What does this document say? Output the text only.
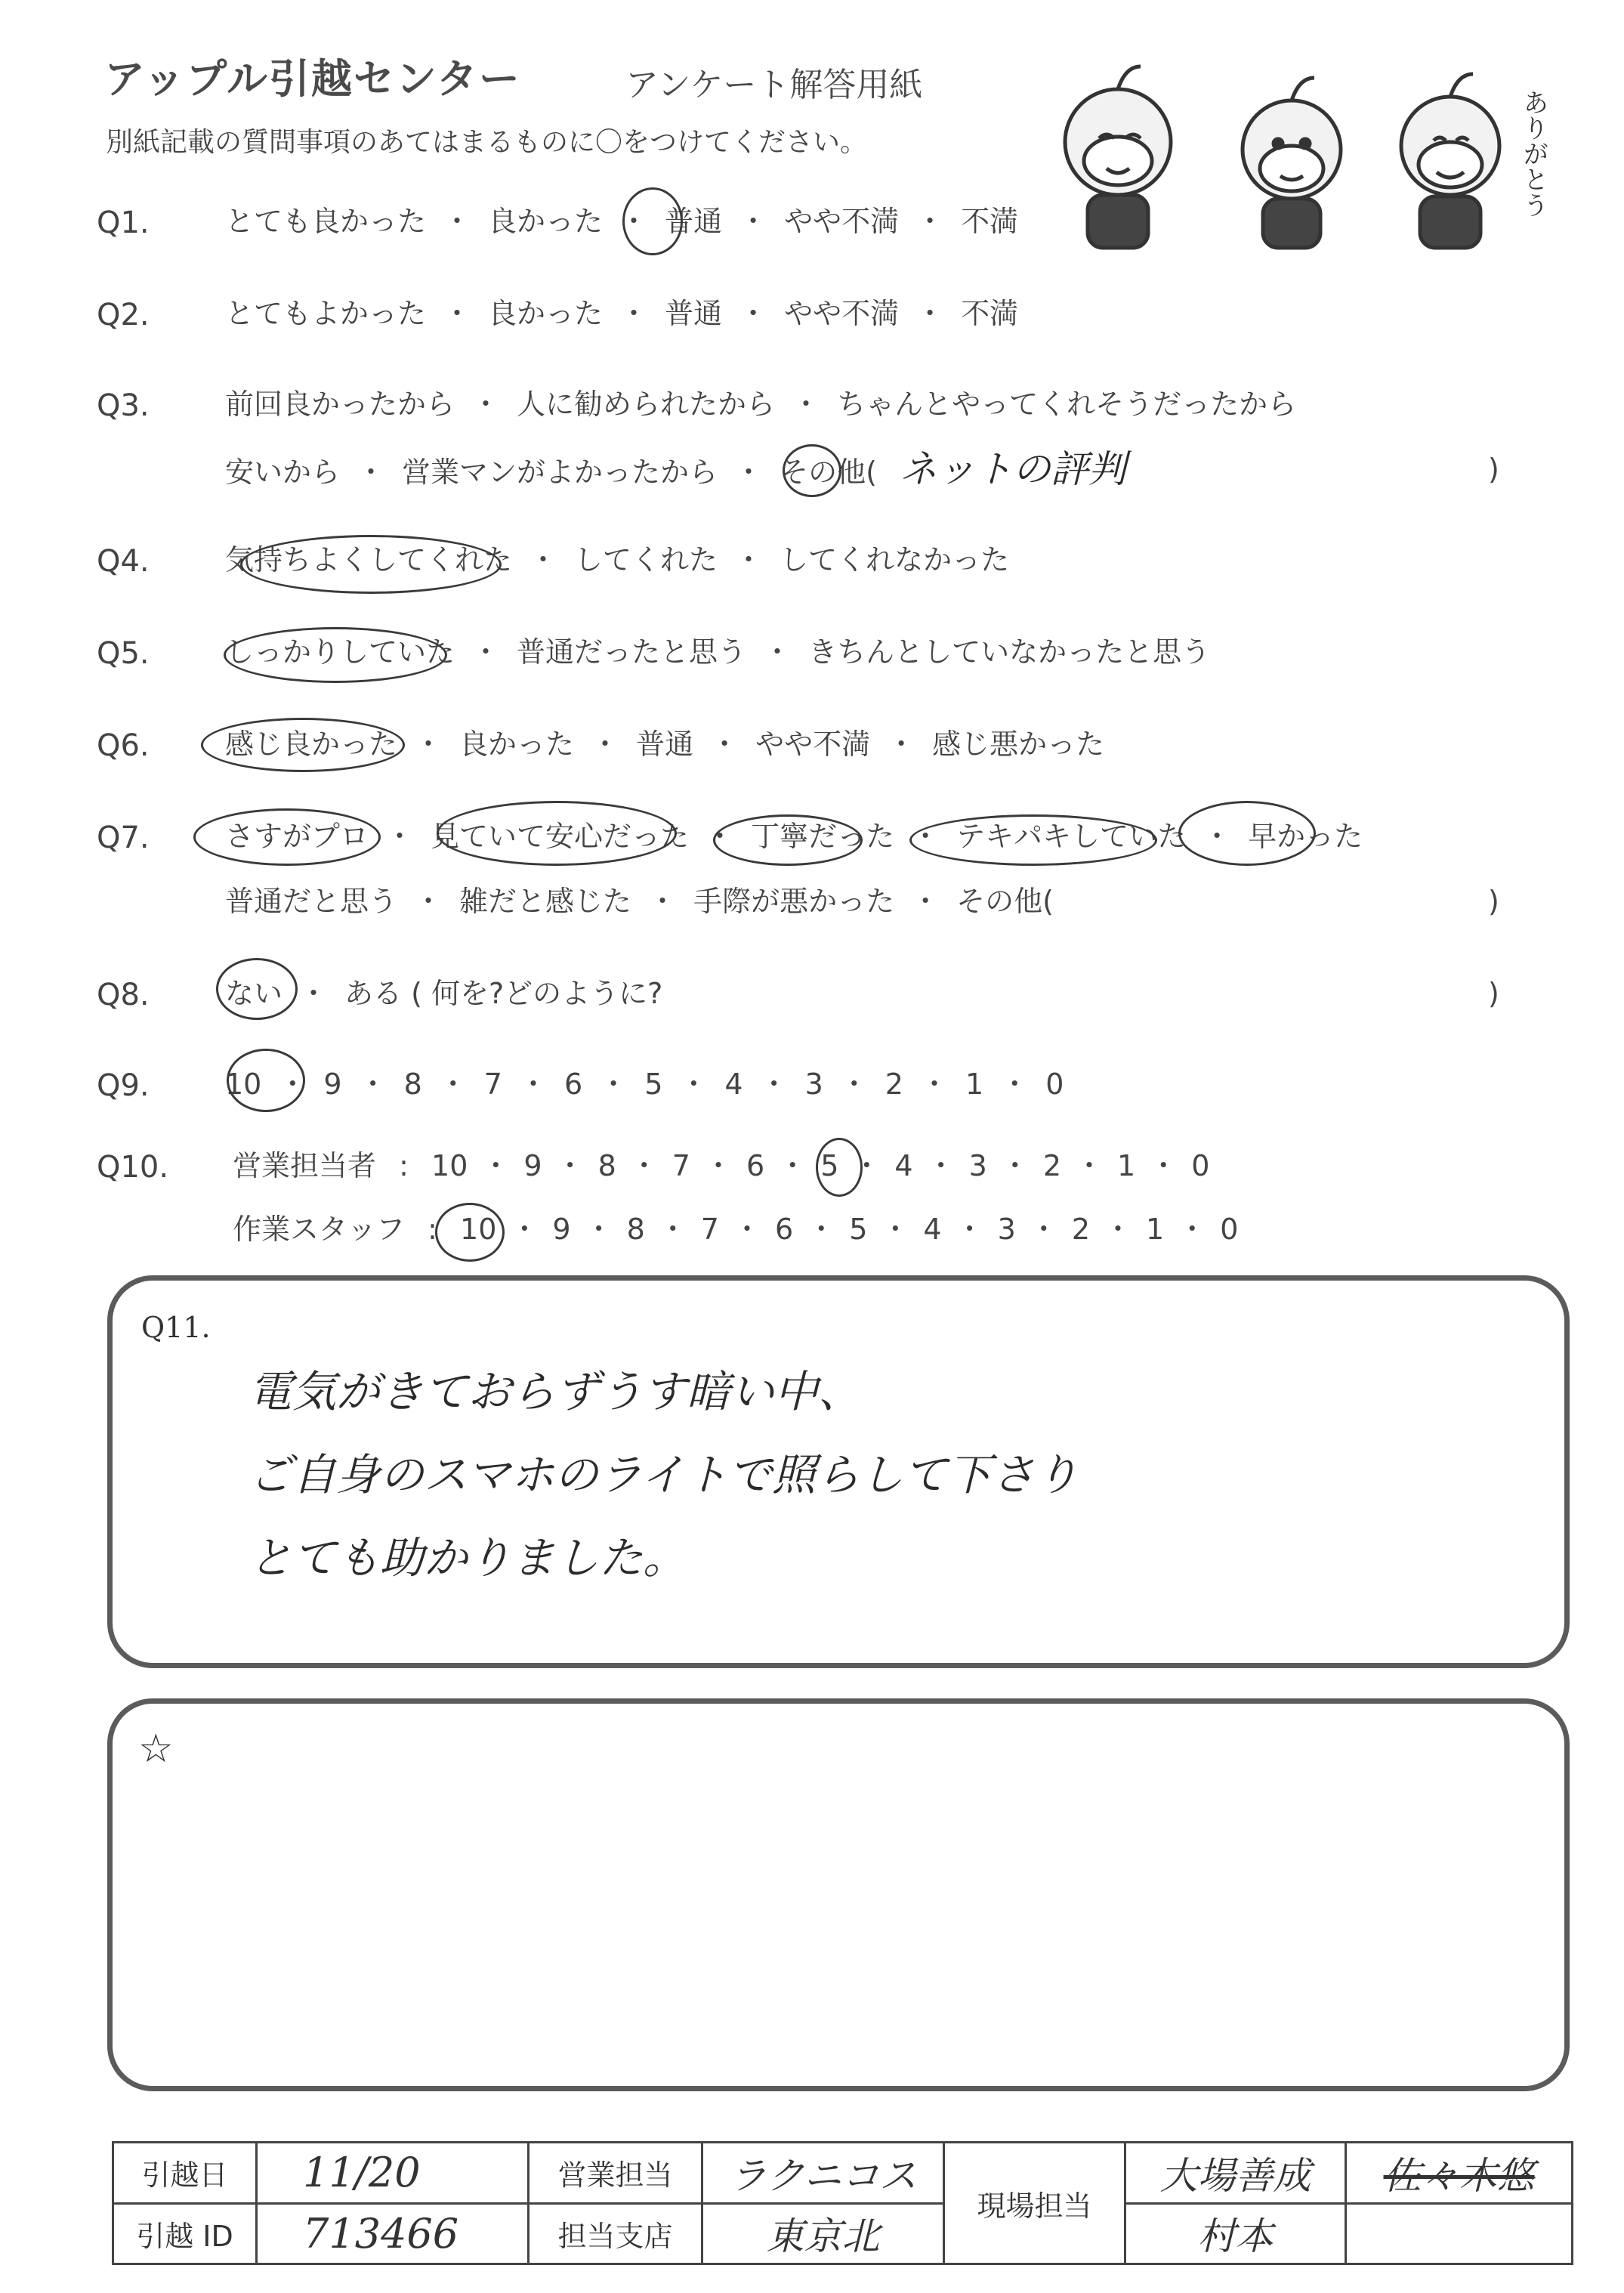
アップル引越センター	アンケート解答用紙
別紙記載の質問事項のあてはまるものに〇をつけてください。	ありがとう
Q1.	とても良かった ・ 良かった ・ 普通 ・ やや不満 ・ 不満
Q2.	とてもよかった ・ 良かった ・ 普通 ・ やや不満 ・ 不満
Q3.	前回良かったから ・ 人に勧められたから ・ ちゃんとやってくれそうだったから
安いから ・ 営業マンがよかったから ・ その他( ネットの評判	)
Q4.	気持ちよくしてくれた ・ してくれた ・ してくれなかった
Q5.	しっかりしていた ・ 普通だったと思う ・ きちんとしていなかったと思う
Q6.	感じ良かった ・ 良かった ・ 普通 ・ やや不満 ・ 感じ悪かった
Q7.	さすがプロ ・ 見ていて安心だった ・ 丁寧だった ・ テキパキしていた ・ 早かった
普通だと思う ・ 雑だと感じた ・ 手際が悪かった ・ その他(	)
Q8.	ない ・ ある ( 何を?どのように?	)
Q9.	10 ・ 9 ・ 8 ・ 7 ・ 6 ・ 5 ・ 4 ・ 3 ・ 2 ・ 1 ・ 0
Q10. 営業担当者 : 10 ・ 9 ・ 8 ・ 7 ・ 6 ・ 5 ・ 4 ・ 3 ・ 2 ・ 1 ・ 0
作業スタッフ : 10 ・ 9 ・ 8 ・ 7 ・ 6 ・ 5 ・ 4 ・ 3 ・ 2 ・ 1 ・ 0
Q11.
電気がきておらずうす暗い中、
ご自身のスマホのライトで照らして下さり
とても助かりました。
☆
引越日	11/20	営業担当	ラクニコス	現場担当	大場善成	佐々木悠
引越 ID	713466	担当支店	東京北		村本	
